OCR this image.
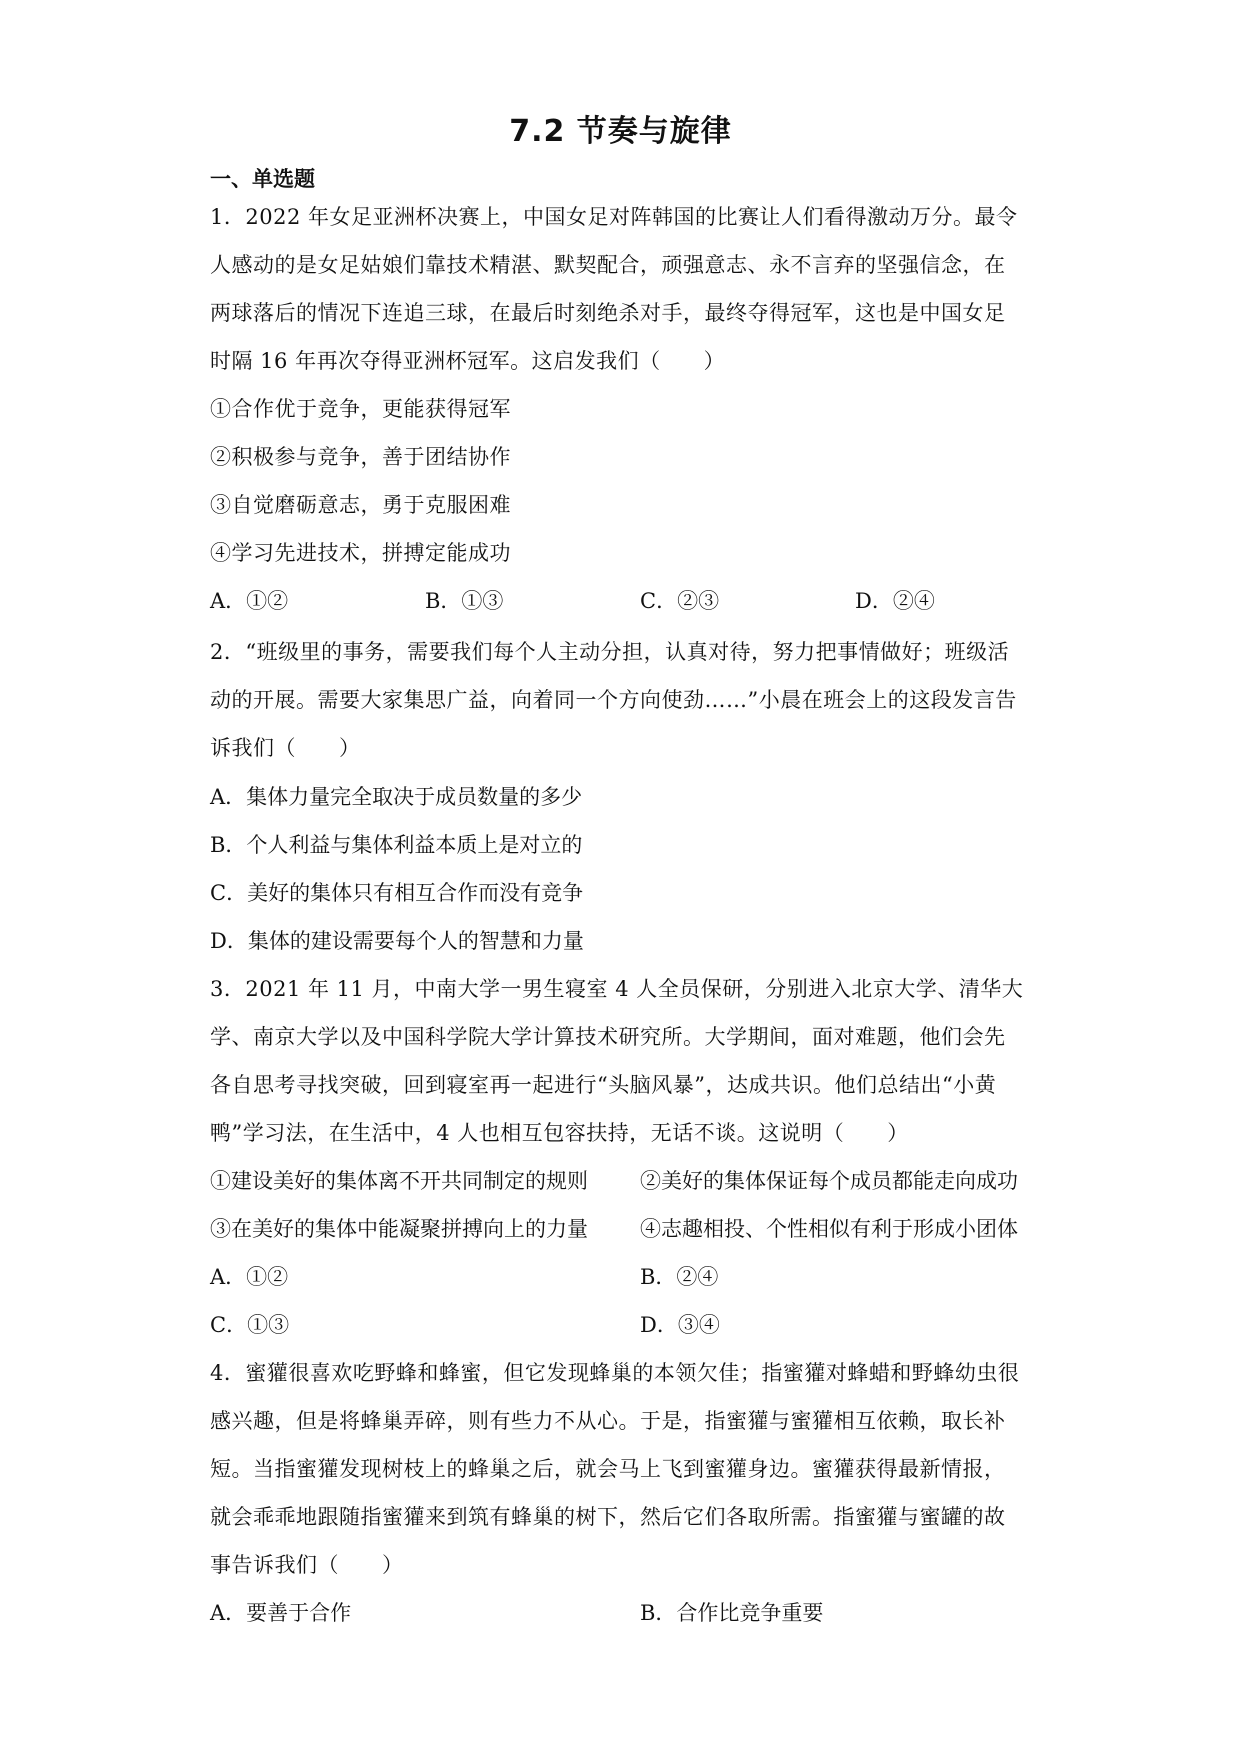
7.2 节奏与旋律
一、单选题
1．2022 年女足亚洲杯决赛上，中国女足对阵韩国的比赛让人们看得激动万分。最令
人感动的是女足姑娘们靠技术精湛、默契配合，顽强意志、永不言弃的坚强信念，在
两球落后的情况下连追三球，在最后时刻绝杀对手，最终夺得冠军，这也是中国女足
时隔 16 年再次夺得亚洲杯冠军。这启发我们（　　）
①合作优于竞争，更能获得冠军
②积极参与竞争，善于团结协作
③自觉磨砺意志，勇于克服困难
④学习先进技术，拼搏定能成功
A．①②	B．①③	C．②③	D．②④
2．“班级里的事务，需要我们每个人主动分担，认真对待，努力把事情做好；班级活
动的开展。需要大家集思广益，向着同一个方向使劲……”小晨在班会上的这段发言告
诉我们（　　）
A．集体力量完全取决于成员数量的多少
B．个人利益与集体利益本质上是对立的
C．美好的集体只有相互合作而没有竞争
D．集体的建设需要每个人的智慧和力量
3．2021 年 11 月，中南大学一男生寝室 4 人全员保研，分别进入北京大学、清华大
学、南京大学以及中国科学院大学计算技术研究所。大学期间，面对难题，他们会先
各自思考寻找突破，回到寝室再一起进行“头脑风暴”，达成共识。他们总结出“小黄
鸭”学习法，在生活中，4 人也相互包容扶持，无话不谈。这说明（　　）
①建设美好的集体离不开共同制定的规则 ②美好的集体保证每个成员都能走向成功
③在美好的集体中能凝聚拼搏向上的力量 ④志趣相投、个性相似有利于形成小团体
A．①②	B．②④
C．①③	D．③④
4．蜜獾很喜欢吃野蜂和蜂蜜，但它发现蜂巢的本领欠佳；指蜜獾对蜂蜡和野蜂幼虫很
感兴趣，但是将蜂巢弄碎，则有些力不从心。于是，指蜜獾与蜜獾相互依赖，取长补
短。当指蜜獾发现树枝上的蜂巢之后，就会马上飞到蜜獾身边。蜜獾获得最新情报，
就会乖乖地跟随指蜜獾来到筑有蜂巢的树下，然后它们各取所需。指蜜獾与蜜罐的故
事告诉我们（　　）
A．要善于合作	B．合作比竞争重要
